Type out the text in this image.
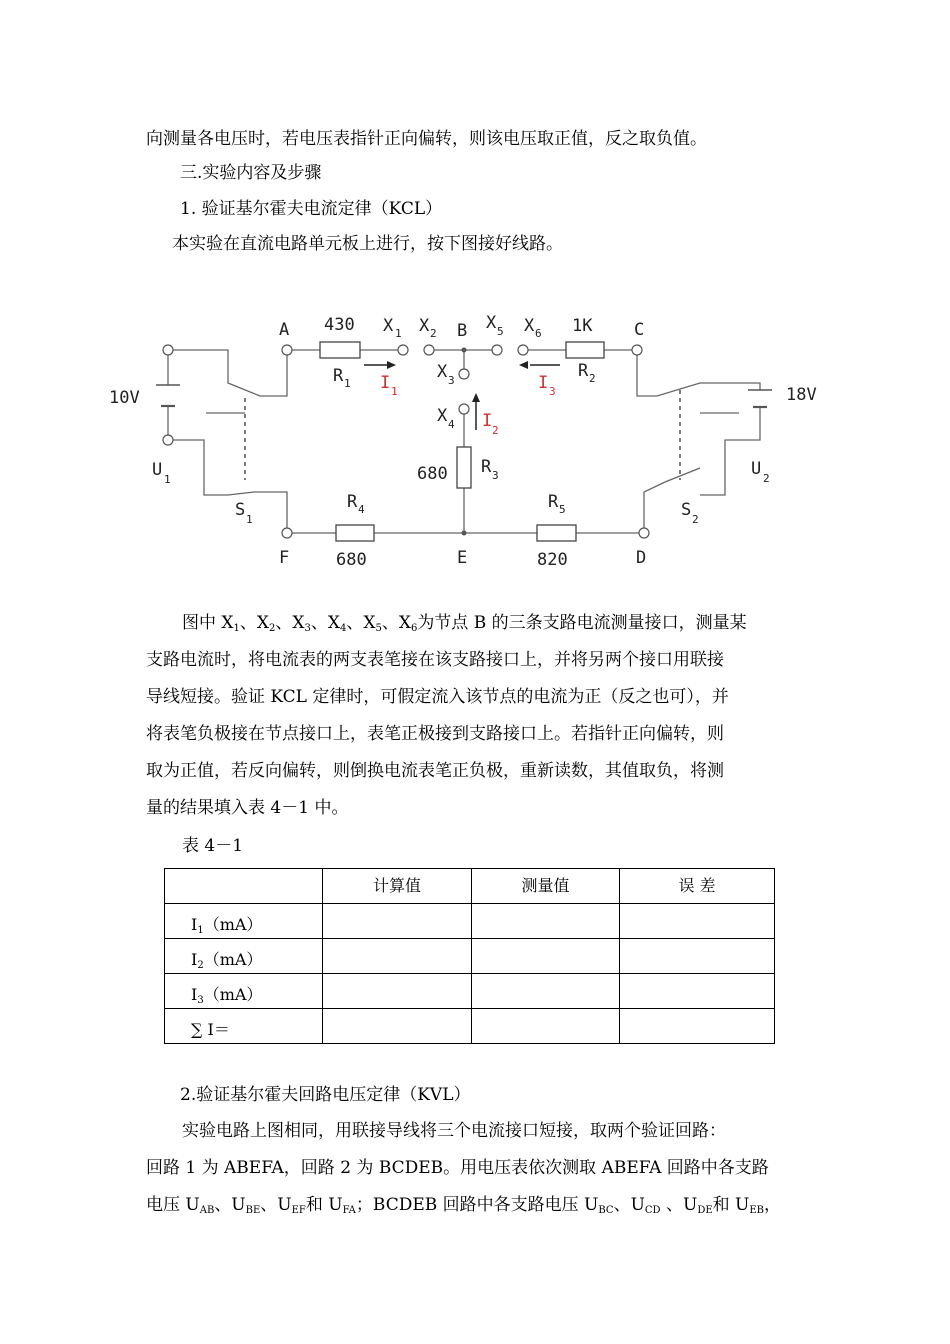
向测量各电压时，若电压表指针正向偏转，则该电压取正值，反之取负值。
三.实验内容及步骤
1. 验证基尔霍夫电流定律（KCL）
本实验在直流电路单元板上进行，按下图接好线路。
A	B	C
D
E
F
X 1 X 2
X 3
X 4
X 5 X 6
430
R 1
1K
R 2
680 R 3
R 4
680
R 5
820
I 1	I 3
I 2
10V	18V
U 1
U 2
S 1	S 2
图中 $X_1$、$X_2$、$X_3$、$X_4$、$X_5$、$X_6$为节点 B 的三条支路电流测量接口，测量某
支路电流时，将电流表的两支表笔接在该支路接口上，并将另两个接口用联接
导线短接。验证 KCL 定律时，可假定流入该节点的电流为正（反之也可），并
将表笔负极接在节点接口上，表笔正极接到支路接口上。若指针正向偏转，则
取为正值，若反向偏转，则倒换电流表笔正负极，重新读数，其值取负，将测
量的结果填入表 4－1 中。
表 4－1
	计算值	测量值	误 差
$I_1(mA)$			
$I_2(mA)$			
$I_3(mA)$			
∑ I＝			
2.验证基尔霍夫回路电压定律（KVL）
实验电路上图相同，用联接导线将三个电流接口短接，取两个验证回路：
回路 1 为 ABEFA，回路 2 为 BCDEB。用电压表依次测取 ABEFA 回路中各支路
电压 $U_{AB}$、$U_{BE}$、$U_{EF}$和 $U_{FA}$；BCDEB 回路中各支路电压 $U_{BC}$、$U_{CD}$ 、$U_{DE}$和 $U_{EB}$，
